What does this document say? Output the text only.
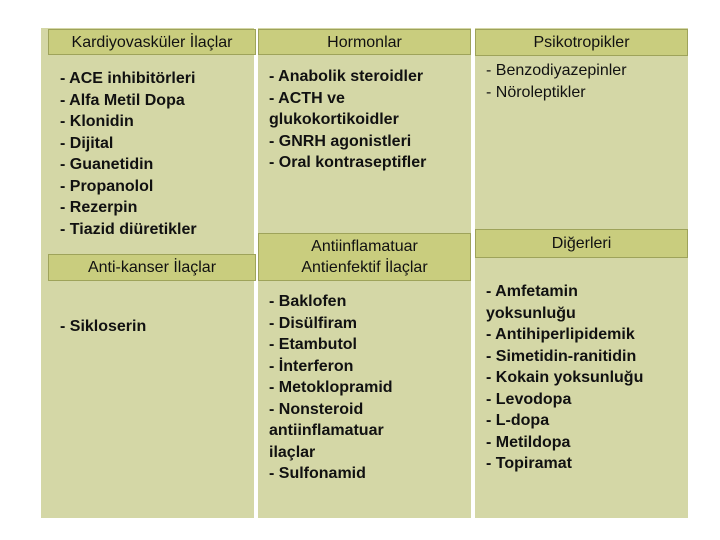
Kardiyovasküler İlaçlar
- ACE inhibitörleri
- Alfa Metil Dopa
- Klonidin
- Dijital
- Guanetidin
- Propanolol
- Rezerpin
- Tiazid diüretikler
Anti-kanser İlaçlar
- Sikloserin
Hormonlar
- Anabolik steroidler
- ACTH ve
glukokortikoidler
- GNRH agonistleri
- Oral kontraseptifler
Antiinflamatuar
Antienfektif İlaçlar
- Baklofen
- Disülfiram
- Etambutol
- İnterferon
- Metoklopramid
- Nonsteroid
antiinflamatuar
ilaçlar
- Sulfonamid
Psikotropikler
- Benzodiyazepinler
- Nöroleptikler
Diğerleri
- Amfetamin
yoksunluğu
- Antihiperlipidemik
- Simetidin-ranitidin
- Kokain yoksunluğu
- Levodopa
- L-dopa
- Metildopa
- Topiramat
